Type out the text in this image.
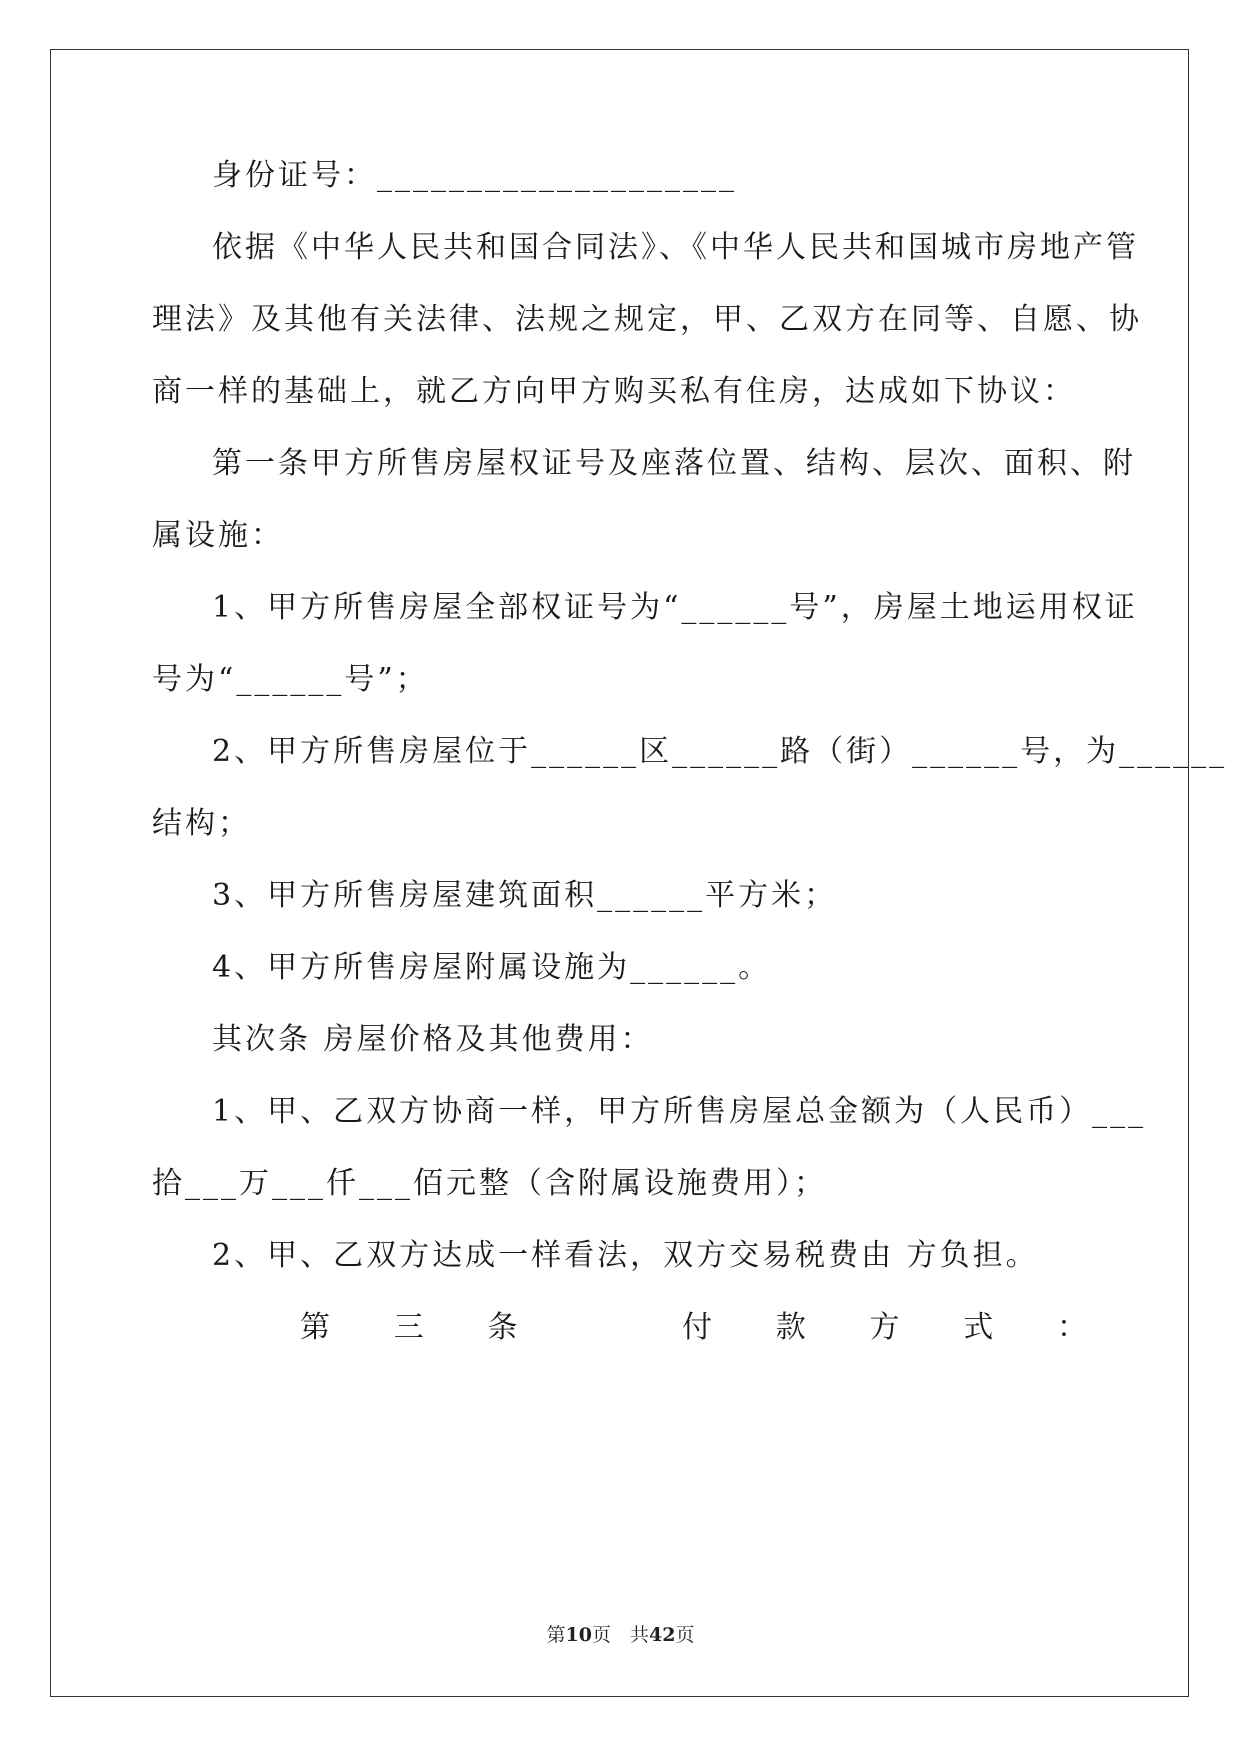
身份证号：____________________
依据《中华人民共和国合同法》、《中华人民共和国城市房地产管
理法》及其他有关法律、法规之规定，甲、乙双方在同等、自愿、协
商一样的基础上，就乙方向甲方购买私有住房，达成如下协议：
第一条甲方所售房屋权证号及座落位置、结构、层次、面积、附
属设施：
1、甲方所售房屋全部权证号为“______号”，房屋土地运用权证
号为“______号”；
2、甲方所售房屋位于______区______路（街）______号，为______
结构；
3、甲方所售房屋建筑面积______平方米；
4、甲方所售房屋附属设施为______。
其次条 房屋价格及其他费用：
1、甲、乙双方协商一样，甲方所售房屋总金额为（人民币）___
拾___万___仟___佰元整（含附属设施费用）；
2、甲、乙双方达成一样看法，双方交易税费由 方负担。
第 三 条	付 款 方 式 ：
第10页　共42页
